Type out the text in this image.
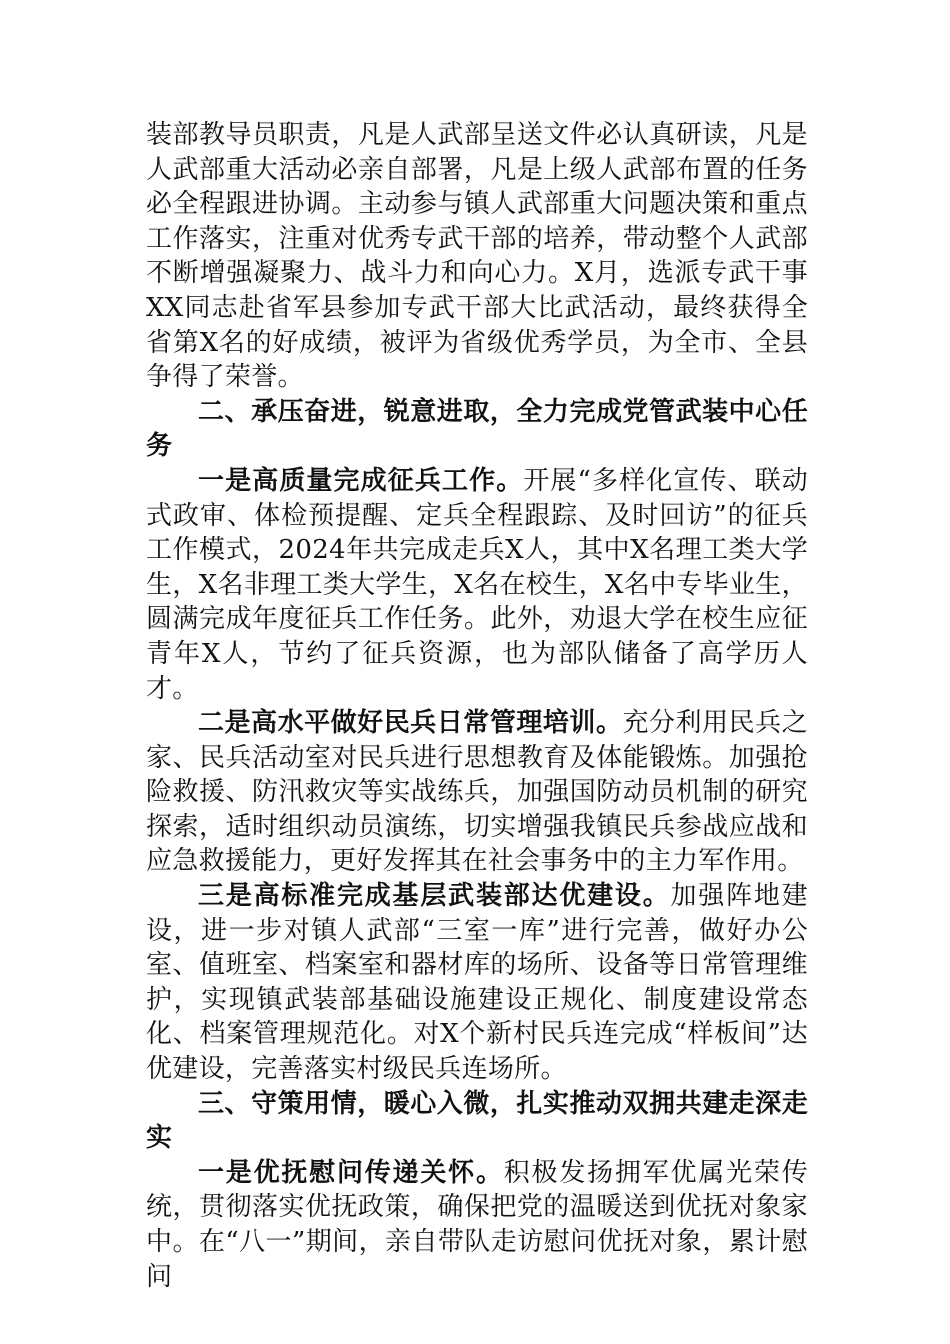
装部教导员职责，凡是人武部呈送文件必认真研读，凡是人武部重大活动必亲自部署，凡是上级人武部布置的任务必全程跟进协调。主动参与镇人武部重大问题决策和重点工作落实，注重对优秀专武干部的培养，带动整个人武部不断增强凝聚力、战斗力和向心力。X月，选派专武干事XX同志赴省军县参加专武干部大比武活动，最终获得全省第X名的好成绩，被评为省级优秀学员，为全市、全县争得了荣誉。

二、承压奋进，锐意进取，全力完成党管武装中心任务

一是高质量完成征兵工作。开展“多样化宣传、联动式政审、体检预提醒、定兵全程跟踪、及时回访”的征兵工作模式，2024年共完成走兵X人，其中X名理工类大学生，X名非理工类大学生，X名在校生，X名中专毕业生，圆满完成年度征兵工作任务。此外，劝退大学在校生应征青年X人，节约了征兵资源，也为部队储备了高学历人才。

二是高水平做好民兵日常管理培训。充分利用民兵之家、民兵活动室对民兵进行思想教育及体能锻炼。加强抢险救援、防汛救灾等实战练兵，加强国防动员机制的研究探索，适时组织动员演练，切实增强我镇民兵参战应战和应急救援能力，更好发挥其在社会事务中的主力军作用。

三是高标准完成基层武装部达优建设。加强阵地建设，进一步对镇人武部“三室一库”进行完善，做好办公室、值班室、档案室和器材库的场所、设备等日常管理维护，实现镇武装部基础设施建设正规化、制度建设常态化、档案管理规范化。对X个新村民兵连完成“样板间”达优建设，完善落实村级民兵连场所。

三、守策用情，暖心入微，扎实推动双拥共建走深走实

一是优抚慰问传递关怀。积极发扬拥军优属光荣传统，贯彻落实优抚政策，确保把党的温暖送到优抚对象家中。在“八一”期间，亲自带队走访慰问优抚对象，累计慰问
